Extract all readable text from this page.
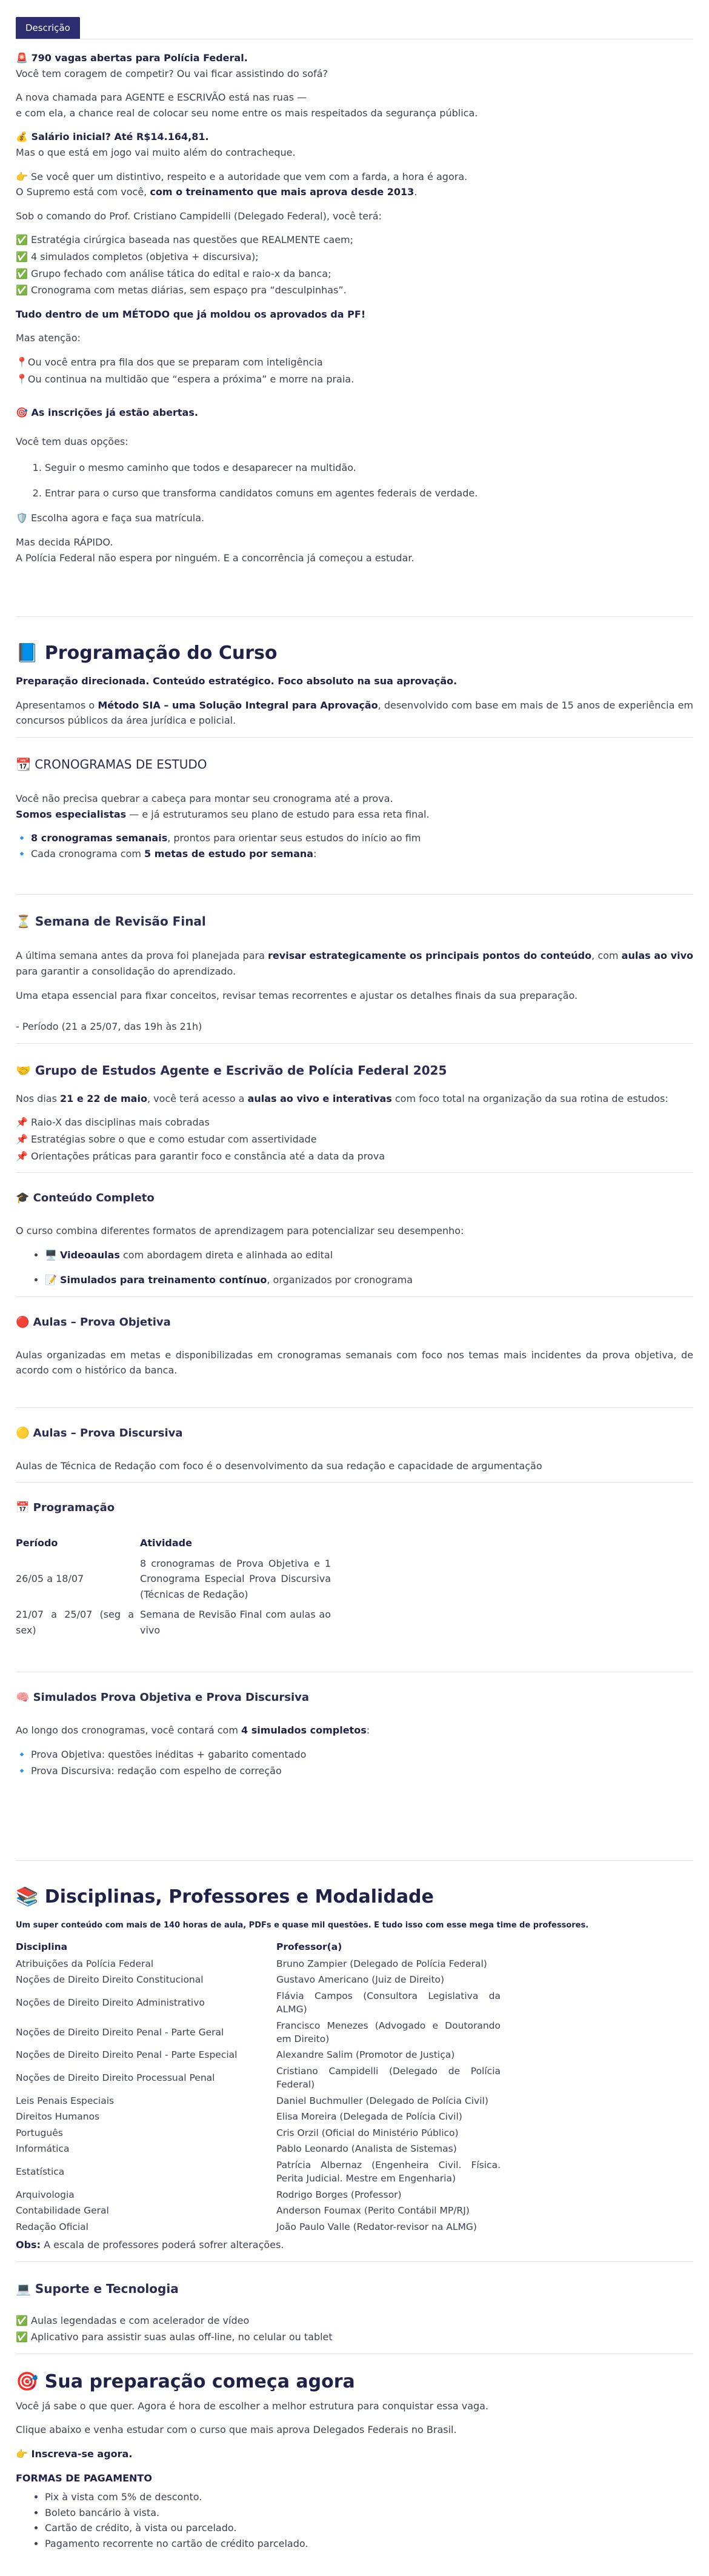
Descrição

🚨 790 vagas abertas para Polícia Federal.
Você tem coragem de competir? Ou vai ficar assistindo do sofá?

A nova chamada para AGENTE e ESCRIVÃO está nas ruas —
e com ela, a chance real de colocar seu nome entre os mais respeitados da segurança pública.

💰 Salário inicial? Até R$14.164,81.
Mas o que está em jogo vai muito além do contracheque.

👉 Se você quer um distintivo, respeito e a autoridade que vem com a farda, a hora é agora.
O Supremo está com você, com o treinamento que mais aprova desde 2013.

Sob o comando do Prof. Cristiano Campidelli (Delegado Federal), você terá:

✅ Estratégia cirúrgica baseada nas questões que REALMENTE caem;
✅ 4 simulados completos (objetiva + discursiva);
✅ Grupo fechado com análise tática do edital e raio-x da banca;
✅ Cronograma com metas diárias, sem espaço pra “desculpinhas”.

Tudo dentro de um MÉTODO que já moldou os aprovados da PF!

Mas atenção:

📍Ou você entra pra fila dos que se preparam com inteligência
📍Ou continua na multidão que “espera a próxima” e morre na praia.

🎯 As inscrições já estão abertas.

Você tem duas opções:

1. Seguir o mesmo caminho que todos e desaparecer na multidão.
2. Entrar para o curso que transforma candidatos comuns em agentes federais de verdade.

🛡️ Escolha agora e faça sua matrícula.

Mas decida RÁPIDO.
A Polícia Federal não espera por ninguém. E a concorrência já começou a estudar.

📘 Programação do Curso

Preparação direcionada. Conteúdo estratégico. Foco absoluto na sua aprovação.

Apresentamos o Método SIA – uma Solução Integral para Aprovação, desenvolvido com base em mais de 15 anos de experiência em concursos públicos da área jurídica e policial.

📆 CRONOGRAMAS DE ESTUDO

Você não precisa quebrar a cabeça para montar seu cronograma até a prova.
Somos especialistas — e já estruturamos seu plano de estudo para essa reta final.

🔹 8 cronogramas semanais, prontos para orientar seus estudos do início ao fim
🔹 Cada cronograma com 5 metas de estudo por semana:

⏳ Semana de Revisão Final

A última semana antes da prova foi planejada para revisar estrategicamente os principais pontos do conteúdo, com aulas ao vivo para garantir a consolidação do aprendizado.

Uma etapa essencial para fixar conceitos, revisar temas recorrentes e ajustar os detalhes finais da sua preparação.

- Período (21 a 25/07, das 19h às 21h)

🤝 Grupo de Estudos Agente e Escrivão de Polícia Federal 2025

Nos dias 21 e 22 de maio, você terá acesso a aulas ao vivo e interativas com foco total na organização da sua rotina de estudos:

📌 Raio-X das disciplinas mais cobradas
📌 Estratégias sobre o que e como estudar com assertividade
📌 Orientações práticas para garantir foco e constância até a data da prova
🎓 Conteúdo Completo

O curso combina diferentes formatos de aprendizagem para potencializar seu desempenho:

• 🖥️ Videoaulas com abordagem direta e alinhada ao edital
• 📝 Simulados para treinamento contínuo, organizados por cronograma
🔴 Aulas – Prova Objetiva

Aulas organizadas em metas e disponibilizadas em cronogramas semanais com foco nos temas mais incidentes da prova objetiva, de acordo com o histórico da banca.

🟡 Aulas – Prova Discursiva

Aulas de Técnica de Redação com foco é o desenvolvimento da sua redação e capacidade de argumentação

📅 Programação
Período	Atividade
26/05 a 18/07	8 cronogramas de Prova Objetiva e 1 Cronograma Especial Prova Discursiva (Técnicas de Redação)
21/07 a 25/07 (seg a sex)	Semana de Revisão Final com aulas ao vivo
🧠 Simulados Prova Objetiva e Prova Discursiva

Ao longo dos cronogramas, você contará com 4 simulados completos:

🔹 Prova Objetiva: questões inéditas + gabarito comentado
🔹 Prova Discursiva: redação com espelho de correção
📚 Disciplinas, Professores e Modalidade
Um super conteúdo com mais de 140 horas de aula, PDFs e quase mil questões. E tudo isso com esse mega time de professores.
Disciplina	Professor(a)
Atribuições da Polícia Federal	Bruno Zampier (Delegado de Polícia Federal)
Noções de Direito Direito Constitucional	Gustavo Americano (Juiz de Direito)
Noções de Direito Direito Administrativo	Flávia Campos (Consultora Legislativa da ALMG)
Noções de Direito Direito Penal - Parte Geral	Francisco Menezes (Advogado e Doutorando em Direito)
Noções de Direito Direito Penal - Parte Especial	Alexandre Salim (Promotor de Justiça)
Noções de Direito Direito Processual Penal	Cristiano Campidelli (Delegado de Polícia Federal)
Leis Penais Especiais	Daniel Buchmuller (Delegado de Polícia Civil)
Direitos Humanos	Elisa Moreira (Delegada de Polícia Civil)
Português	Cris Orzil (Oficial do Ministério Público)
Informática	Pablo Leonardo (Analista de Sistemas)
Estatística	Patrícia Albernaz (Engenheira Civil. Física. Perita Judicial. Mestre em Engenharia)
Arquivologia	Rodrigo Borges (Professor)
Contabilidade Geral	Anderson Foumax (Perito Contábil MP/RJ)
Redação Oficial	João Paulo Valle (Redator-revisor na ALMG)

Obs: A escala de professores poderá sofrer alterações.

💻 Suporte e Tecnologia
✅ Aulas legendadas e com acelerador de vídeo
✅ Aplicativo para assistir suas aulas off-line, no celular ou tablet
🎯 Sua preparação começa agora

Você já sabe o que quer. Agora é hora de escolher a melhor estrutura para conquistar essa vaga.

Clique abaixo e venha estudar com o curso que mais aprova Delegados Federais no Brasil.

👉 Inscreva-se agora.

FORMAS DE PAGAMENTO

• Pix à vista com 5% de desconto.
• Boleto bancário à vista.
• Cartão de crédito, à vista ou parcelado.
• Pagamento recorrente no cartão de crédito parcelado.
